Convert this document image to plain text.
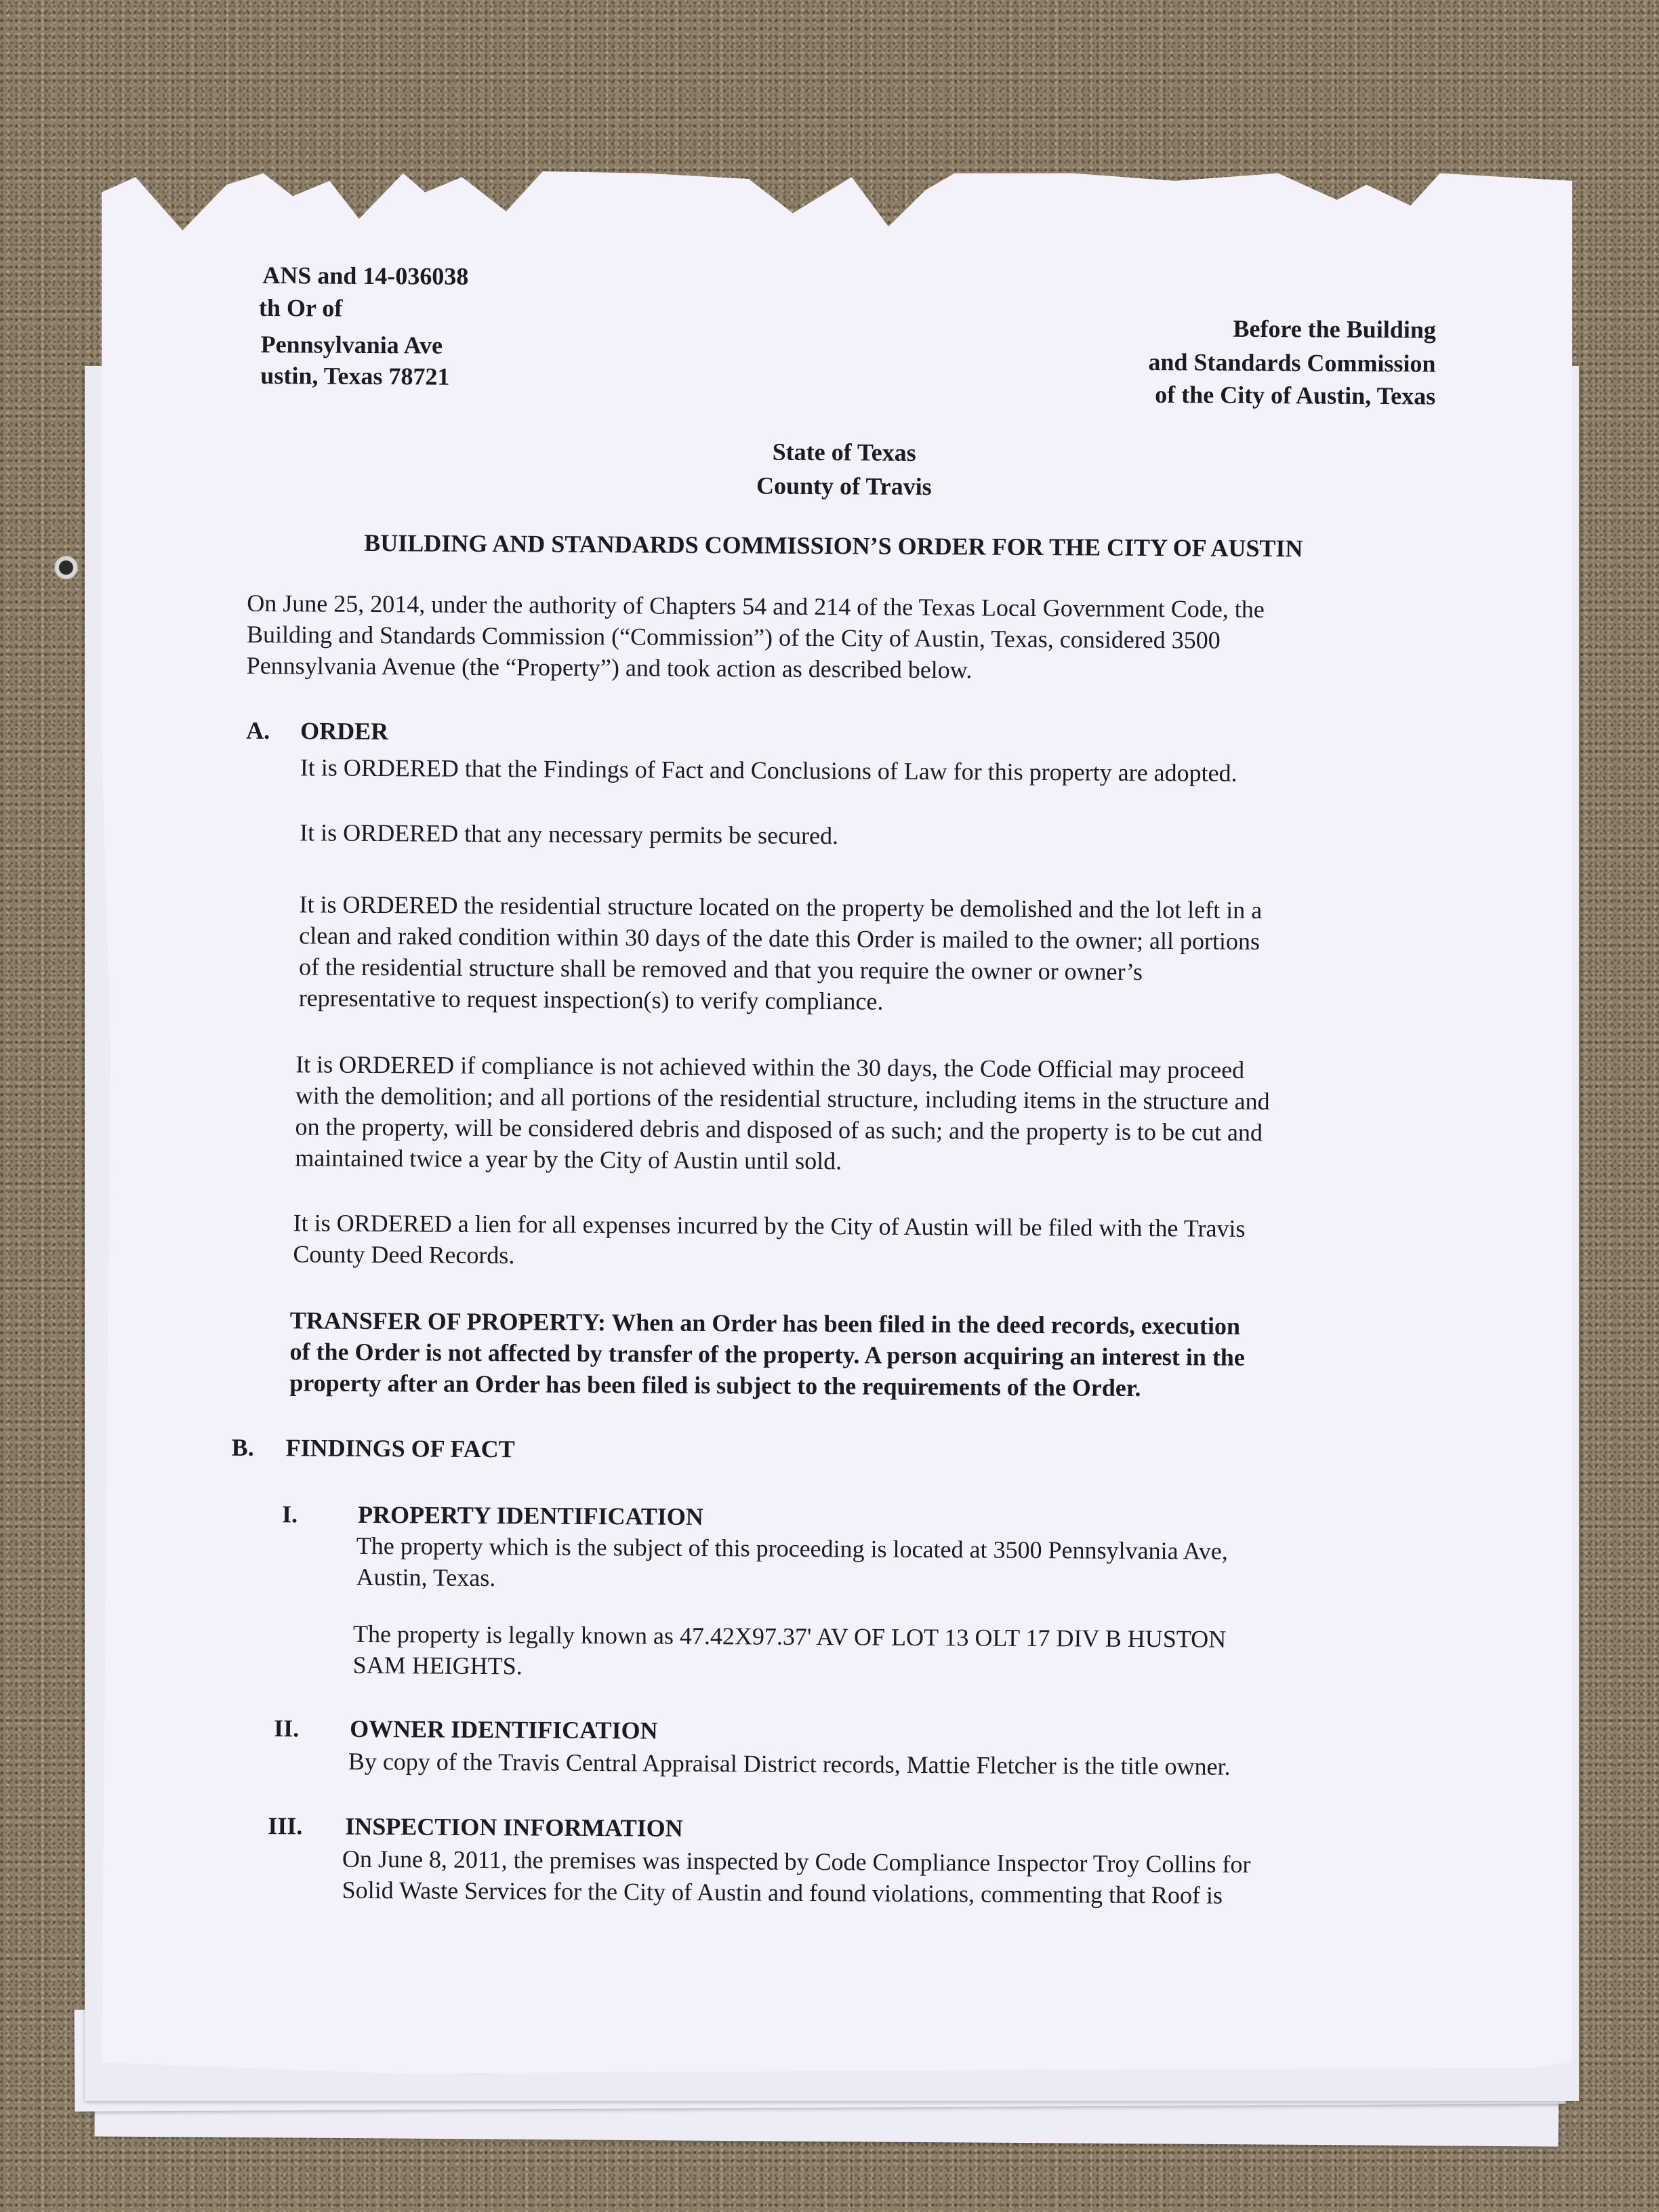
ANS and 14-036038
th Or of
Pennsylvania Ave
ustin, Texas 78721
Before the Building
and Standards Commission
of the City of Austin, Texas
State of Texas
County of Travis
BUILDING AND STANDARDS COMMISSION’S ORDER FOR THE CITY OF AUSTIN
On June 25, 2014, under the authority of Chapters 54 and 214 of the Texas Local Government Code, the
Building and Standards Commission (“Commission”) of the City of Austin, Texas, considered 3500
Pennsylvania Avenue (the “Property”) and took action as described below.
A. ORDER
It is ORDERED that the Findings of Fact and Conclusions of Law for this property are adopted.
It is ORDERED that any necessary permits be secured.
It is ORDERED the residential structure located on the property be demolished and the lot left in a
clean and raked condition within 30 days of the date this Order is mailed to the owner; all portions
of the residential structure shall be removed and that you require the owner or owner’s
representative to request inspection(s) to verify compliance.
It is ORDERED if compliance is not achieved within the 30 days, the Code Official may proceed
with the demolition; and all portions of the residential structure, including items in the structure and
on the property, will be considered debris and disposed of as such; and the property is to be cut and
maintained twice a year by the City of Austin until sold.
It is ORDERED a lien for all expenses incurred by the City of Austin will be filed with the Travis
County Deed Records.
TRANSFER OF PROPERTY: When an Order has been filed in the deed records, execution
of the Order is not affected by transfer of the property. A person acquiring an interest in the
property after an Order has been filed is subject to the requirements of the Order.
B. FINDINGS OF FACT
I. PROPERTY IDENTIFICATION
The property which is the subject of this proceeding is located at 3500 Pennsylvania Ave,
Austin, Texas.
The property is legally known as 47.42X97.37' AV OF LOT 13 OLT 17 DIV B HUSTON
SAM HEIGHTS.
II. OWNER IDENTIFICATION
By copy of the Travis Central Appraisal District records, Mattie Fletcher is the title owner.
III. INSPECTION INFORMATION
On June 8, 2011, the premises was inspected by Code Compliance Inspector Troy Collins for
Solid Waste Services for the City of Austin and found violations, commenting that Roof is
